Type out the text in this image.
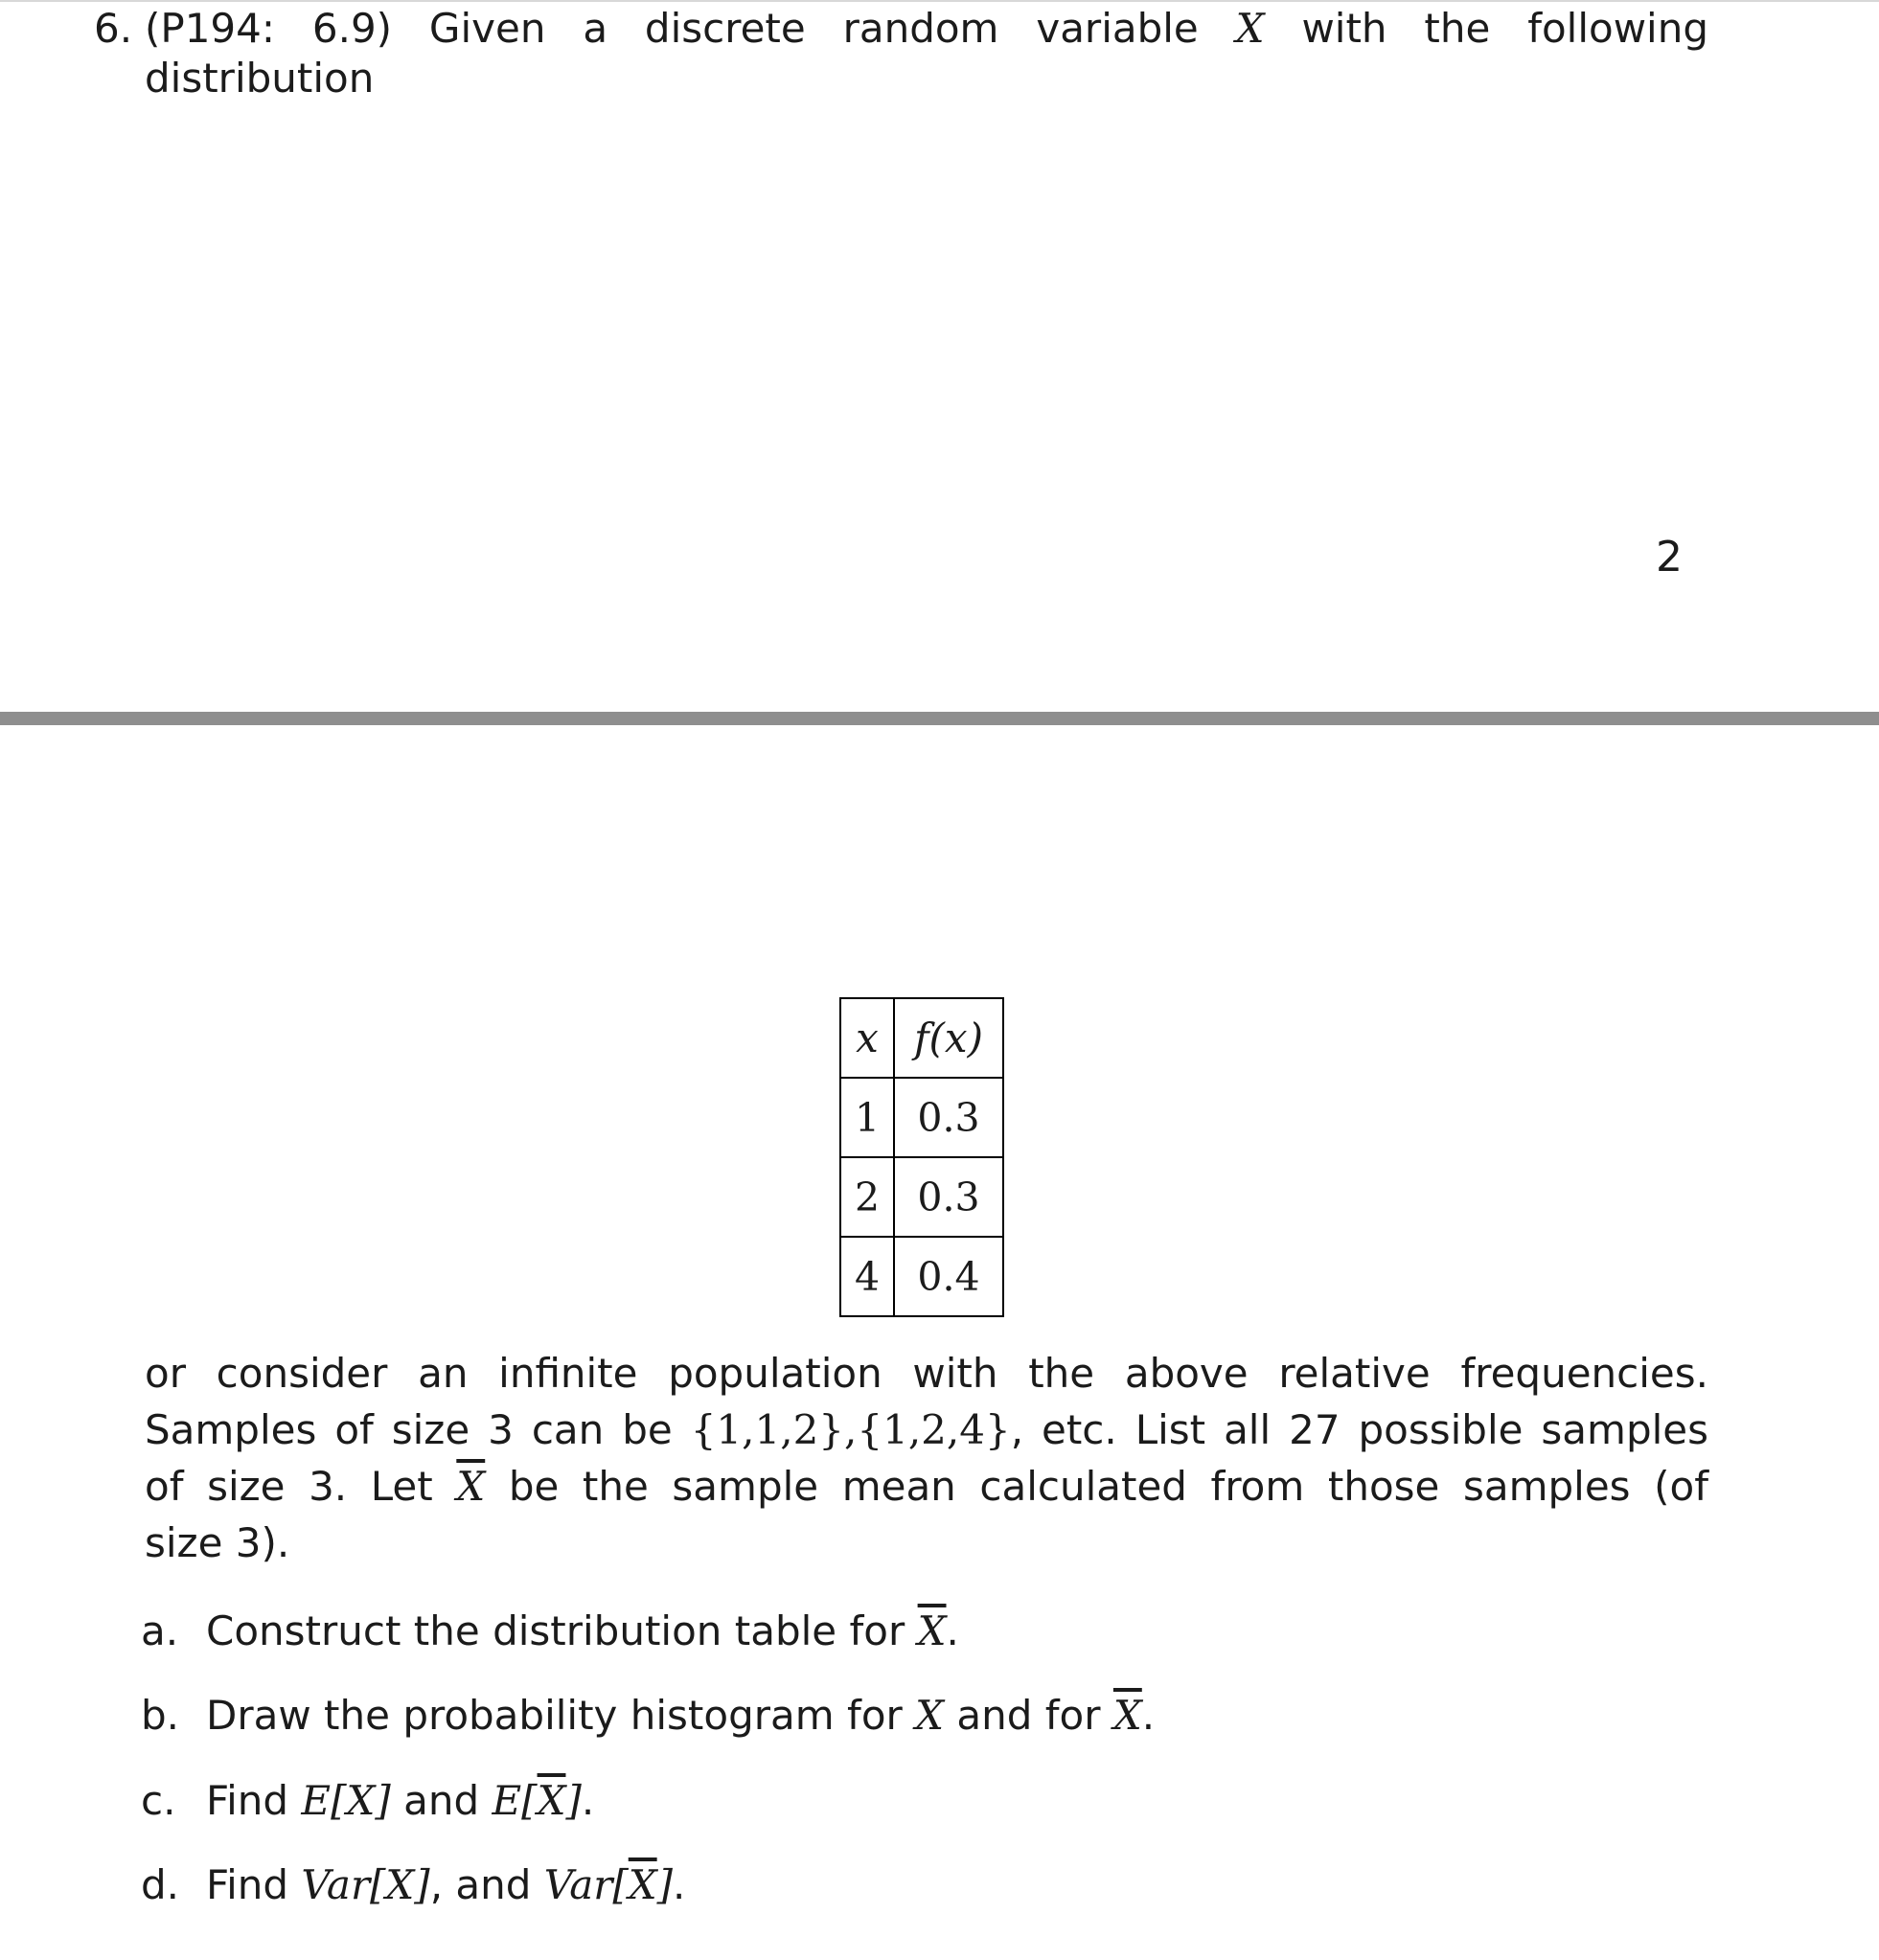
6. (P194: 6.9) Given a discrete random variable X with the following
distribution
2
x	f(x)
1	0.3
2	0.3
4	0.4
or consider an infinite population with the above relative frequencies.
Samples of size 3 can be {1,1,2},{1,2,4}, etc. List all 27 possible samples
of size 3. Let $\overline{X}$ be the sample mean calculated from those samples (of
size 3).
a. Construct the distribution table for $\overline{X}$.
b. Draw the probability histogram for X and for $\overline{X}$.
c. Find E[X] and $E[\overline{X}]$.
d. Find Var[X], and $Var[\overline{X}]$.
